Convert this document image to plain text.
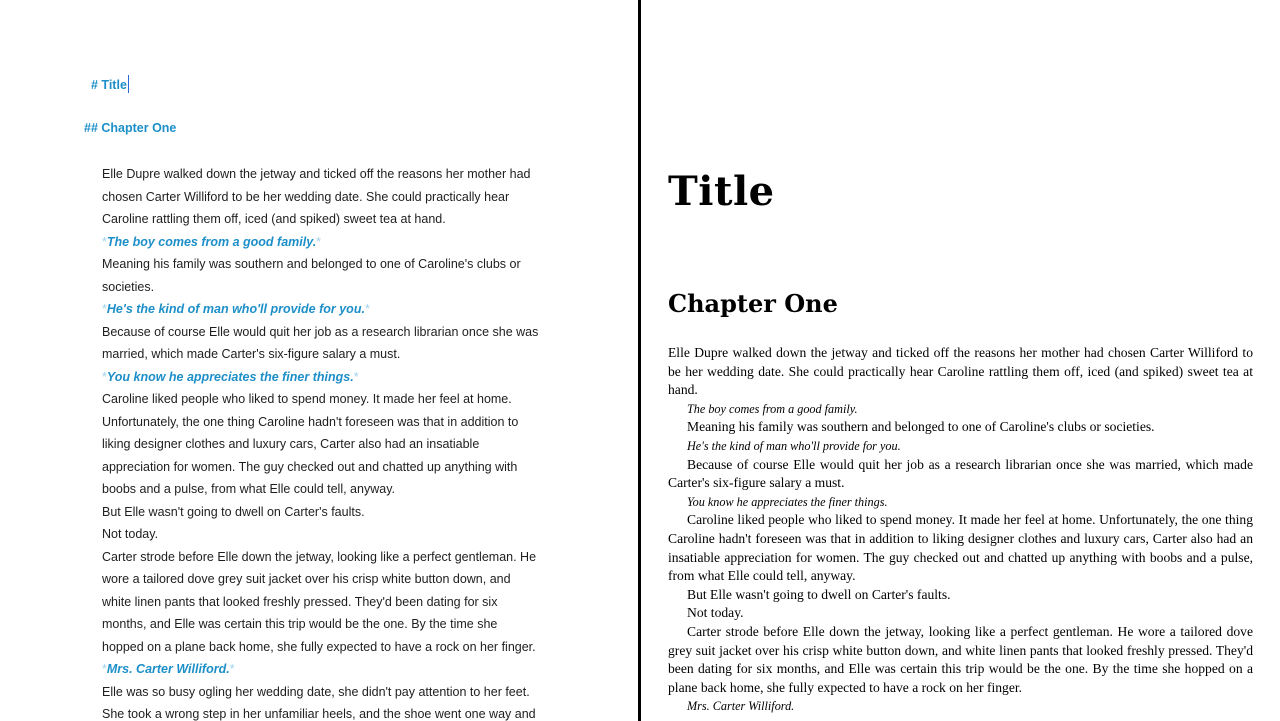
# Title
## Chapter One

Elle Dupre walked down the jetway and ticked off the reasons her mother had chosen Carter Williford to be her wedding date. She could practically hear Caroline rattling them off, iced (and spiked) sweet tea at hand.

*The boy comes from a good family.*

Meaning his family was southern and belonged to one of Caroline's clubs or societies.

*He's the kind of man who'll provide for you.*

Because of course Elle would quit her job as a research librarian once she was married, which made Carter's six-figure salary a must.

*You know he appreciates the finer things.*

Caroline liked people who liked to spend money. It made her feel at home.

Unfortunately, the one thing Caroline hadn't foreseen was that in addition to liking designer clothes and luxury cars, Carter also had an insatiable appreciation for women. The guy checked out and chatted up anything with boobs and a pulse, from what Elle could tell, anyway.

But Elle wasn't going to dwell on Carter's faults.

Not today.

Carter strode before Elle down the jetway, looking like a perfect gentleman. He wore a tailored dove grey suit jacket over his crisp white button down, and white linen pants that looked freshly pressed. They'd been dating for six months, and Elle was certain this trip would be the one. By the time she hopped on a plane back home, she fully expected to have a rock on her finger.

*Mrs. Carter Williford.*

Elle was so busy ogling her wedding date, she didn't pay attention to her feet.

She took a wrong step in her unfamiliar heels, and the shoe went one way and

Title
Chapter One

Elle Dupre walked down the jetway and ticked off the reasons her mother had chosen Carter Williford to be her wedding date. She could practically hear Caroline rattling them off, iced (and spiked) sweet tea at hand.

The boy comes from a good family.

Meaning his family was southern and belonged to one of Caroline's clubs or societies.

He's the kind of man who'll provide for you.

Because of course Elle would quit her job as a research librarian once she was married, which made Carter's six-figure salary a must.

You know he appreciates the finer things.

Caroline liked people who liked to spend money. It made her feel at home. Unfortunately, the one thing Caroline hadn't foreseen was that in addition to liking designer clothes and luxury cars, Carter also had an insatiable appreciation for women. The guy checked out and chatted up anything with boobs and a pulse, from what Elle could tell, anyway.

But Elle wasn't going to dwell on Carter's faults.

Not today.

Carter strode before Elle down the jetway, looking like a perfect gentleman. He wore a tailored dove grey suit jacket over his crisp white button down, and white linen pants that looked freshly pressed. They'd been dating for six months, and Elle was certain this trip would be the one. By the time she hopped on a plane back home, she fully expected to have a rock on her finger.

Mrs. Carter Williford.
